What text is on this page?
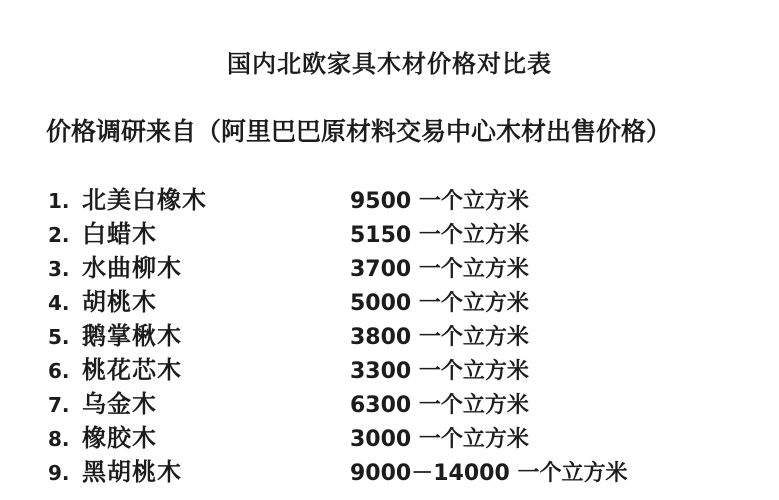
国内北欧家具木材价格对比表
价格调研来自（阿里巴巴原材料交易中心木材出售价格）
1. 北美白橡木	9500 一个立方米
2. 白蜡木	5150 一个立方米
3. 水曲柳木	3700 一个立方米
4. 胡桃木	5000 一个立方米
5. 鹅掌楸木	3800 一个立方米
6. 桃花芯木	3300 一个立方米
7. 乌金木	6300 一个立方米
8. 橡胶木	3000 一个立方米
9. 黑胡桃木	9000－14000 一个立方米
